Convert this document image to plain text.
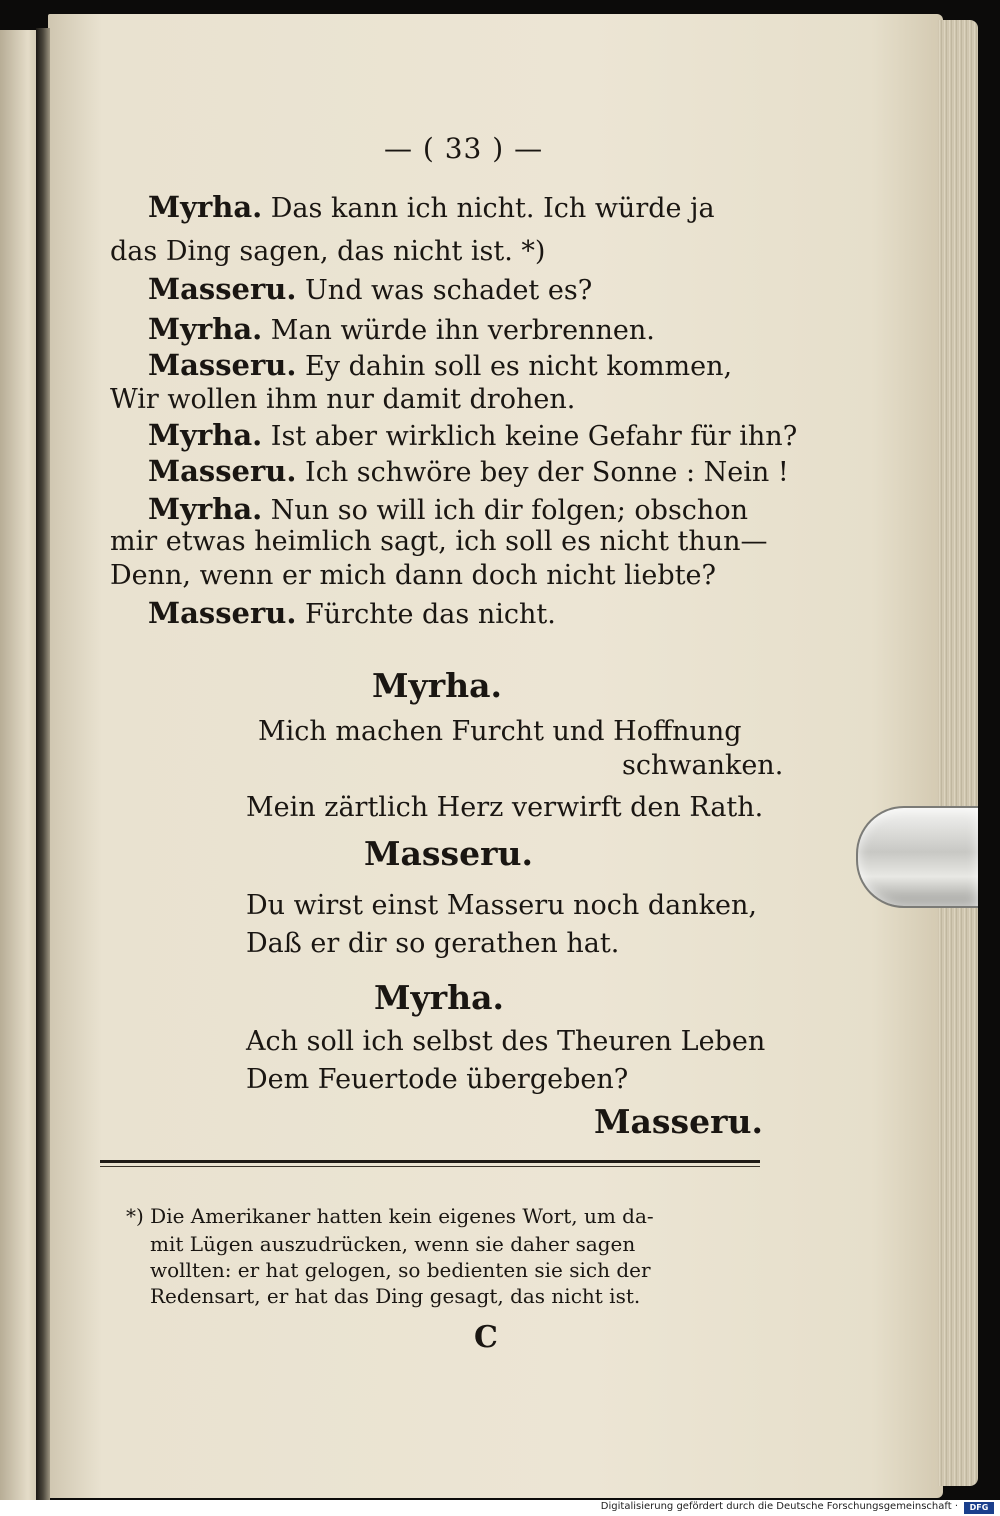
— ( 33 ) —
Myrha. Das kann ich nicht. Ich würde ja
das Ding sagen, das nicht ist. *)
Masseru. Und was schadet es?
Myrha. Man würde ihn verbrennen.
Masseru. Ey dahin soll es nicht kommen,
Wir wollen ihm nur damit drohen.
Myrha. Ist aber wirklich keine Gefahr für ihn?
Masseru. Ich schwöre bey der Sonne : Nein !
Myrha. Nun so will ich dir folgen; obschon
mir etwas heimlich sagt, ich soll es nicht thun—
Denn, wenn er mich dann doch nicht liebte?
Masseru. Fürchte das nicht.
Myrha.
Mich machen Furcht und Hoffnung
schwanken.
Mein zärtlich Herz verwirft den Rath.
Masseru.
Du wirst einst Masseru noch danken,
Daß er dir so gerathen hat.
Myrha.
Ach soll ich selbst des Theuren Leben
Dem Feuertode übergeben?
Masseru.
*) Die Amerikaner hatten kein eigenes Wort, um da-
mit Lügen auszudrücken, wenn sie daher sagen
wollten: er hat gelogen, so bedienten sie sich der
Redensart, er hat das Ding gesagt, das nicht ist.
C
Digitalisierung gefördert durch die Deutsche Forschungsgemeinschaft ·	DFG
